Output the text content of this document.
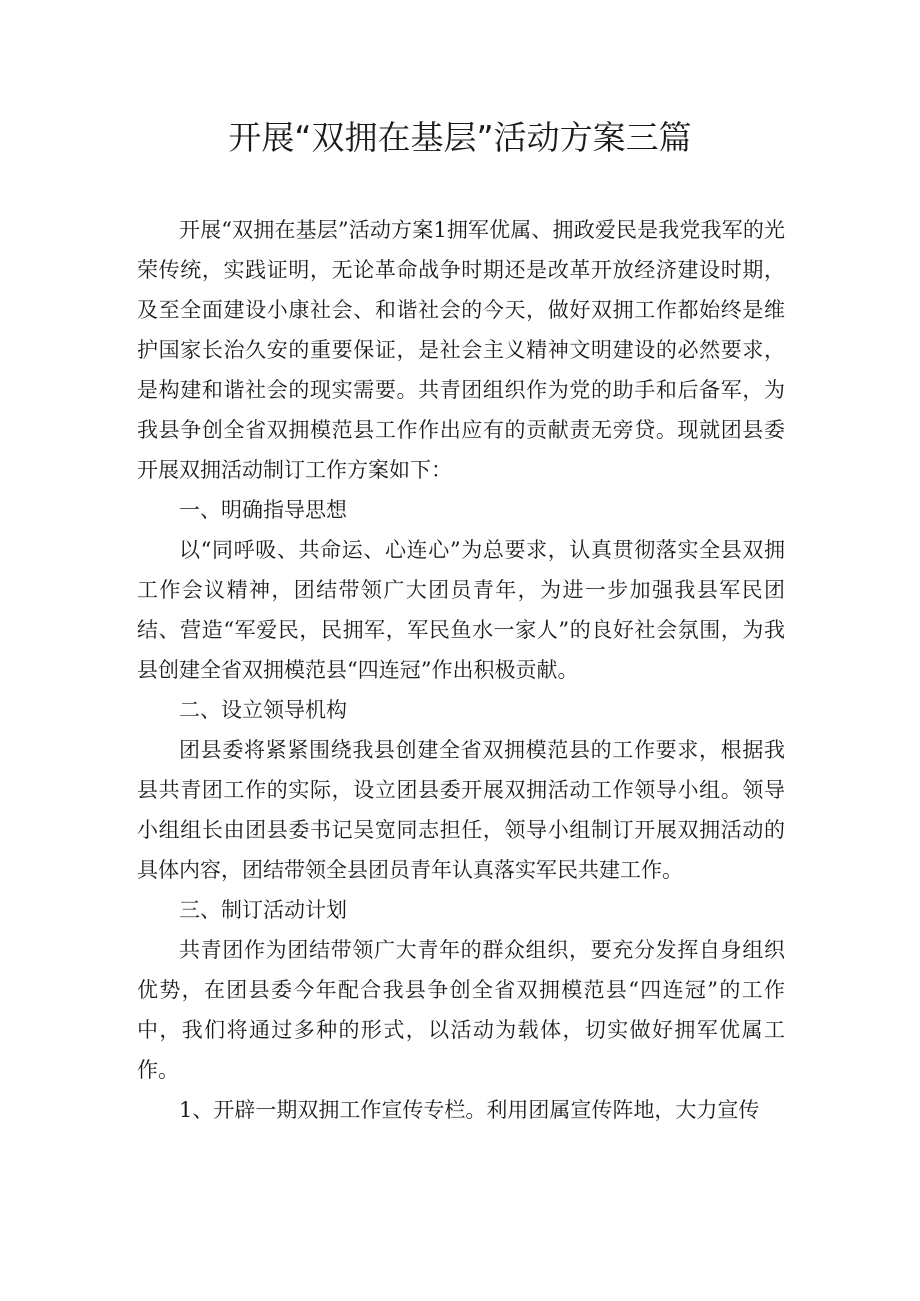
开展“双拥在基层”活动方案三篇

开展“双拥在基层”活动方案1拥军优属、拥政爱民是我党我军的光荣传统，实践证明，无论革命战争时期还是改革开放经济建设时期，及至全面建设小康社会、和谐社会的今天，做好双拥工作都始终是维护国家长治久安的重要保证，是社会主义精神文明建设的必然要求，是构建和谐社会的现实需要。共青团组织作为党的助手和后备军，为我县争创全省双拥模范县工作作出应有的贡献责无旁贷。现就团县委开展双拥活动制订工作方案如下：

一、明确指导思想

以“同呼吸、共命运、心连心”为总要求，认真贯彻落实全县双拥工作会议精神，团结带领广大团员青年，为进一步加强我县军民团结、营造“军爱民，民拥军，军民鱼水一家人”的良好社会氛围，为我县创建全省双拥模范县“四连冠”作出积极贡献。

二、设立领导机构

团县委将紧紧围绕我县创建全省双拥模范县的工作要求，根据我县共青团工作的实际，设立团县委开展双拥活动工作领导小组。领导小组组长由团县委书记吴宽同志担任，领导小组制订开展双拥活动的具体内容，团结带领全县团员青年认真落实军民共建工作。

三、制订活动计划

共青团作为团结带领广大青年的群众组织，要充分发挥自身组织优势，在团县委今年配合我县争创全省双拥模范县“四连冠”的工作中，我们将通过多种的形式，以活动为载体，切实做好拥军优属工作。

1、开辟一期双拥工作宣传专栏。利用团属宣传阵地，大力宣传
